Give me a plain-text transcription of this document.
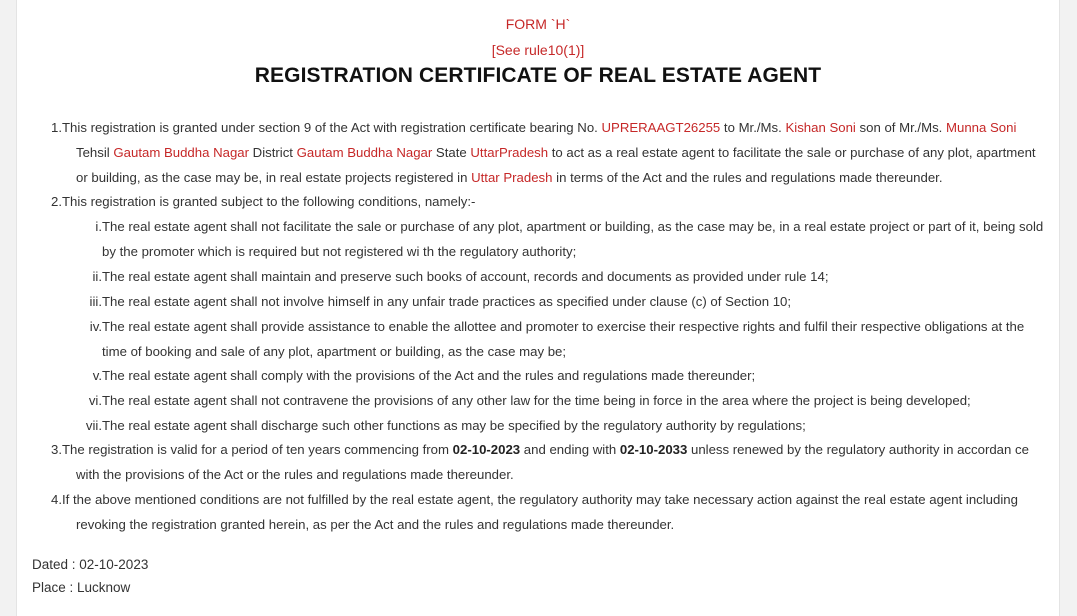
FORM `H`
[See rule10(1)]
REGISTRATION CERTIFICATE OF REAL ESTATE AGENT
1. This registration is granted under section 9 of the Act with registration certificate bearing No. UPRERAAGT26255 to Mr./Ms. Kishan Soni son of Mr./Ms. Munna Soni Tehsil Gautam Buddha Nagar District Gautam Buddha Nagar State UttarPradesh to act as a real estate agent to facilitate the sale or purchase of any plot, apartment or building, as the case may be, in real estate projects registered in Uttar Pradesh in terms of the Act and the rules and regulations made thereunder.
2. This registration is granted subject to the following conditions, namely:-
i. The real estate agent shall not facilitate the sale or purchase of any plot, apartment or building, as the case may be, in a real estate project or part of it, being sold by the promoter which is required but not registered wi th the regulatory authority;
ii. The real estate agent shall maintain and preserve such books of account, records and documents as provided under rule 14;
iii. The real estate agent shall not involve himself in any unfair trade practices as specified under clause (c) of Section 10;
iv. The real estate agent shall provide assistance to enable the allottee and promoter to exercise their respective rights and fulfil their respective obligations at the time of booking and sale of any plot, apartment or building, as the case may be;
v. The real estate agent shall comply with the provisions of the Act and the rules and regulations made thereunder;
vi. The real estate agent shall not contravene the provisions of any other law for the time being in force in the area where the project is being developed;
vii. The real estate agent shall discharge such other functions as may be specified by the regulatory authority by regulations;
3. The registration is valid for a period of ten years commencing from 02-10-2023 and ending with 02-10-2033 unless renewed by the regulatory authority in accordan ce with the provisions of the Act or the rules and regulations made thereunder.
4. If the above mentioned conditions are not fulfilled by the real estate agent, the regulatory authority may take necessary action against the real estate agent including revoking the registration granted herein, as per the Act and the rules and regulations made thereunder.
Dated : 02-10-2023
Place : Lucknow
